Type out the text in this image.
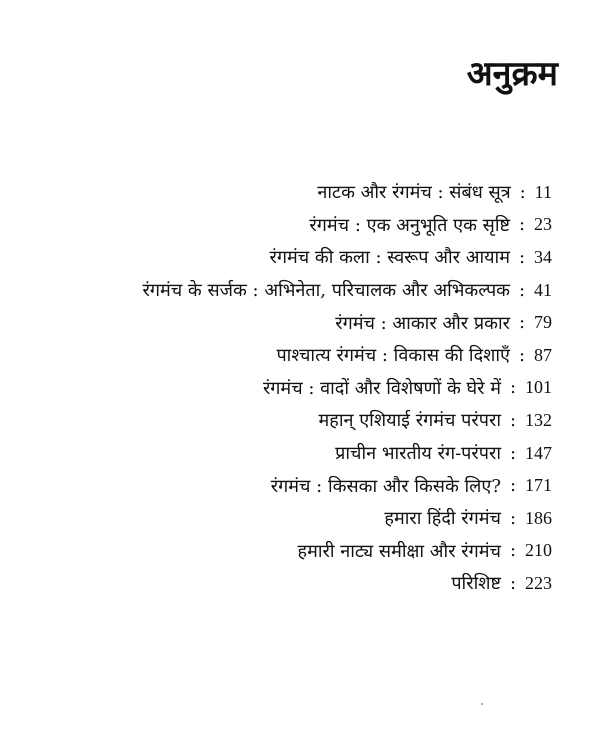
अनुक्रम
नाटक और रंगमंच : संबंध सूत्र : 11
रंगमंच : एक अनुभूति एक सृष्टि : 23
रंगमंच की कला : स्वरूप और आयाम : 34
रंगमंच के सर्जक : अभिनेता, परिचालक और अभिकल्पक : 41
रंगमंच : आकार और प्रकार : 79
पाश्चात्य रंगमंच : विकास की दिशाएँ : 87
रंगमंच : वादों और विशेषणों के घेरे में : 101
महान् एशियाई रंगमंच परंपरा : 132
प्राचीन भारतीय रंग-परंपरा : 147
रंगमंच : किसका और किसके लिए? : 171
हमारा हिंदी रंगमंच : 186
हमारी नाट्य समीक्षा और रंगमंच : 210
परिशिष्ट : 223
